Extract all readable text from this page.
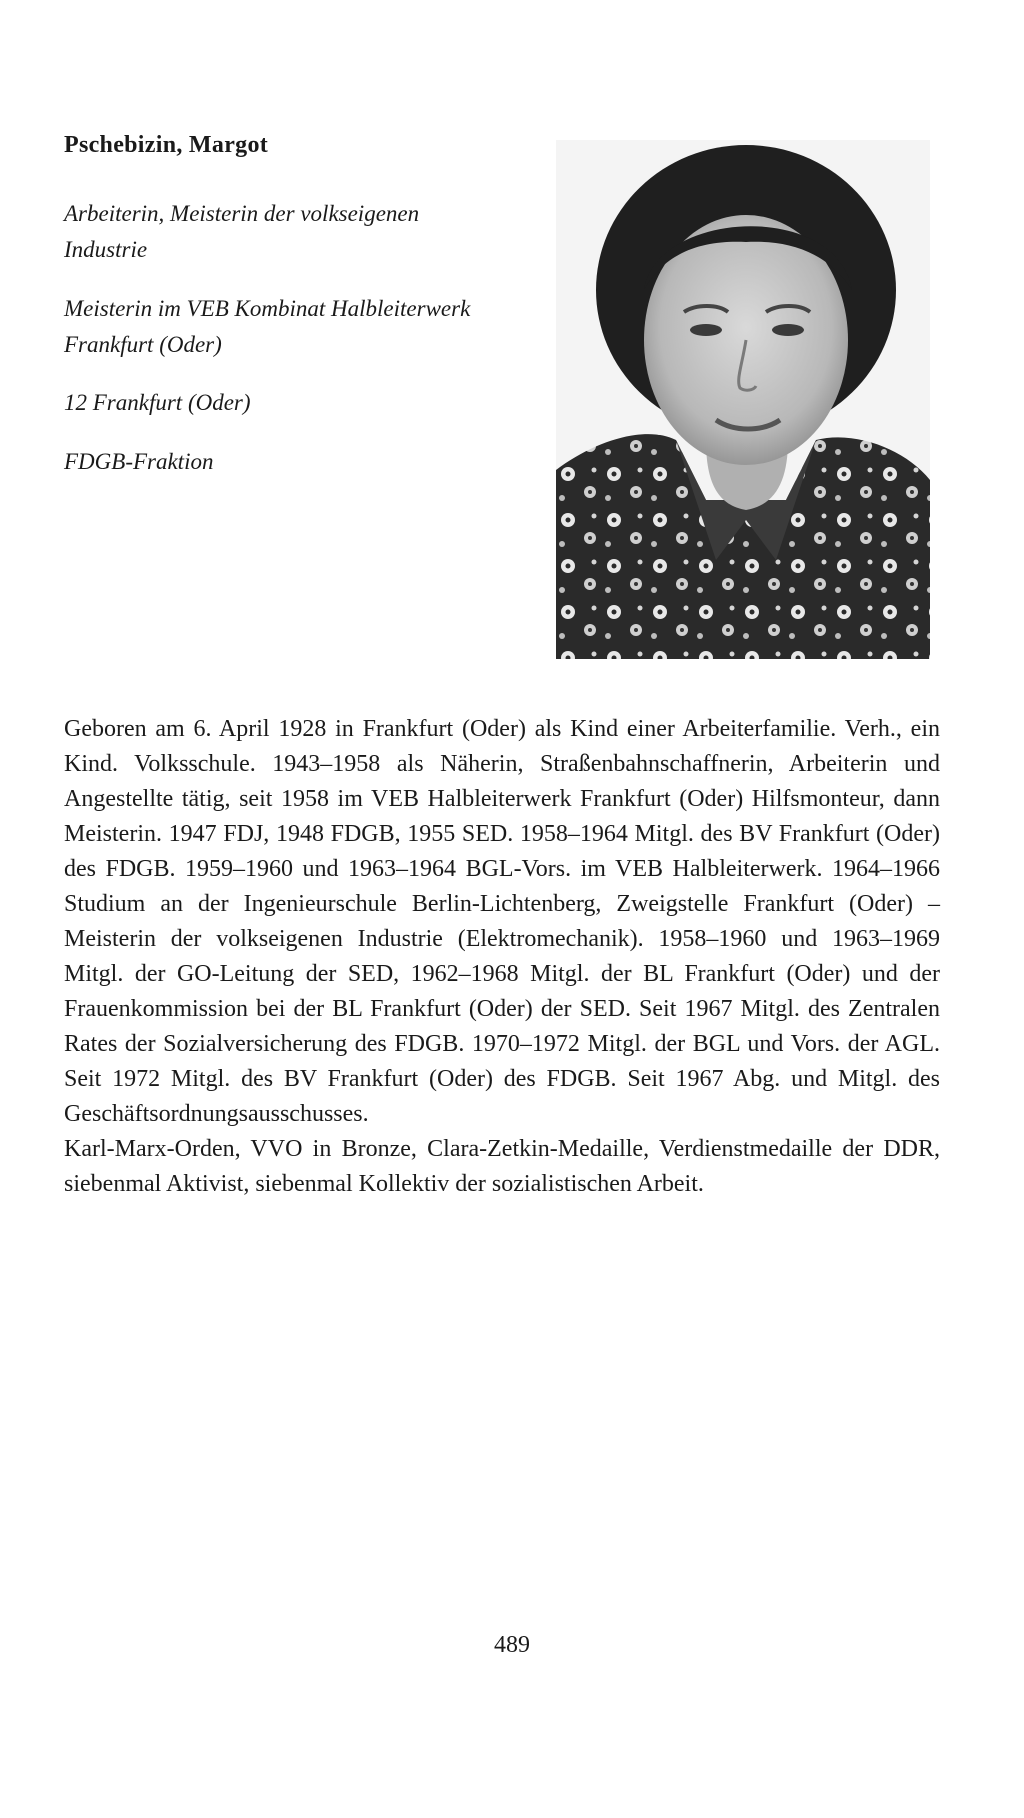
Pschebizin, Margot
Arbeiterin, Meisterin der volkseigenen Industrie
Meisterin im VEB Kombinat Halbleiterwerk Frankfurt (Oder)
12 Frankfurt (Oder)
FDGB-Fraktion

Geboren am 6. April 1928 in Frankfurt (Oder) als Kind einer Arbeiterfamilie. Verh., ein Kind. Volksschule. 1943–1958 als Näherin, Straßenbahnschaffnerin, Arbeiterin und Angestellte tätig, seit 1958 im VEB Halbleiterwerk Frankfurt (Oder) Hilfsmonteur, dann Meisterin. 1947 FDJ, 1948 FDGB, 1955 SED. 1958–1964 Mitgl. des BV Frankfurt (Oder) des FDGB. 1959–1960 und 1963–1964 BGL-Vors. im VEB Halbleiterwerk. 1964–1966 Studium an der Ingenieurschule Berlin-Lichtenberg, Zweigstelle Frankfurt (Oder) – Meisterin der volkseigenen Industrie (Elektromechanik). 1958–1960 und 1963–1969 Mitgl. der GO-Leitung der SED, 1962–1968 Mitgl. der BL Frankfurt (Oder) und der Frauenkommission bei der BL Frankfurt (Oder) der SED. Seit 1967 Mitgl. des Zentralen Rates der Sozialversicherung des FDGB. 1970–1972 Mitgl. der BGL und Vors. der AGL. Seit 1972 Mitgl. des BV Frankfurt (Oder) des FDGB. Seit 1967 Abg. und Mitgl. des Geschäftsordnungsausschusses.

Karl-Marx-Orden, VVO in Bronze, Clara-Zetkin-Medaille, Verdienstmedaille der DDR, siebenmal Aktivist, siebenmal Kollektiv der sozialistischen Arbeit.

489
